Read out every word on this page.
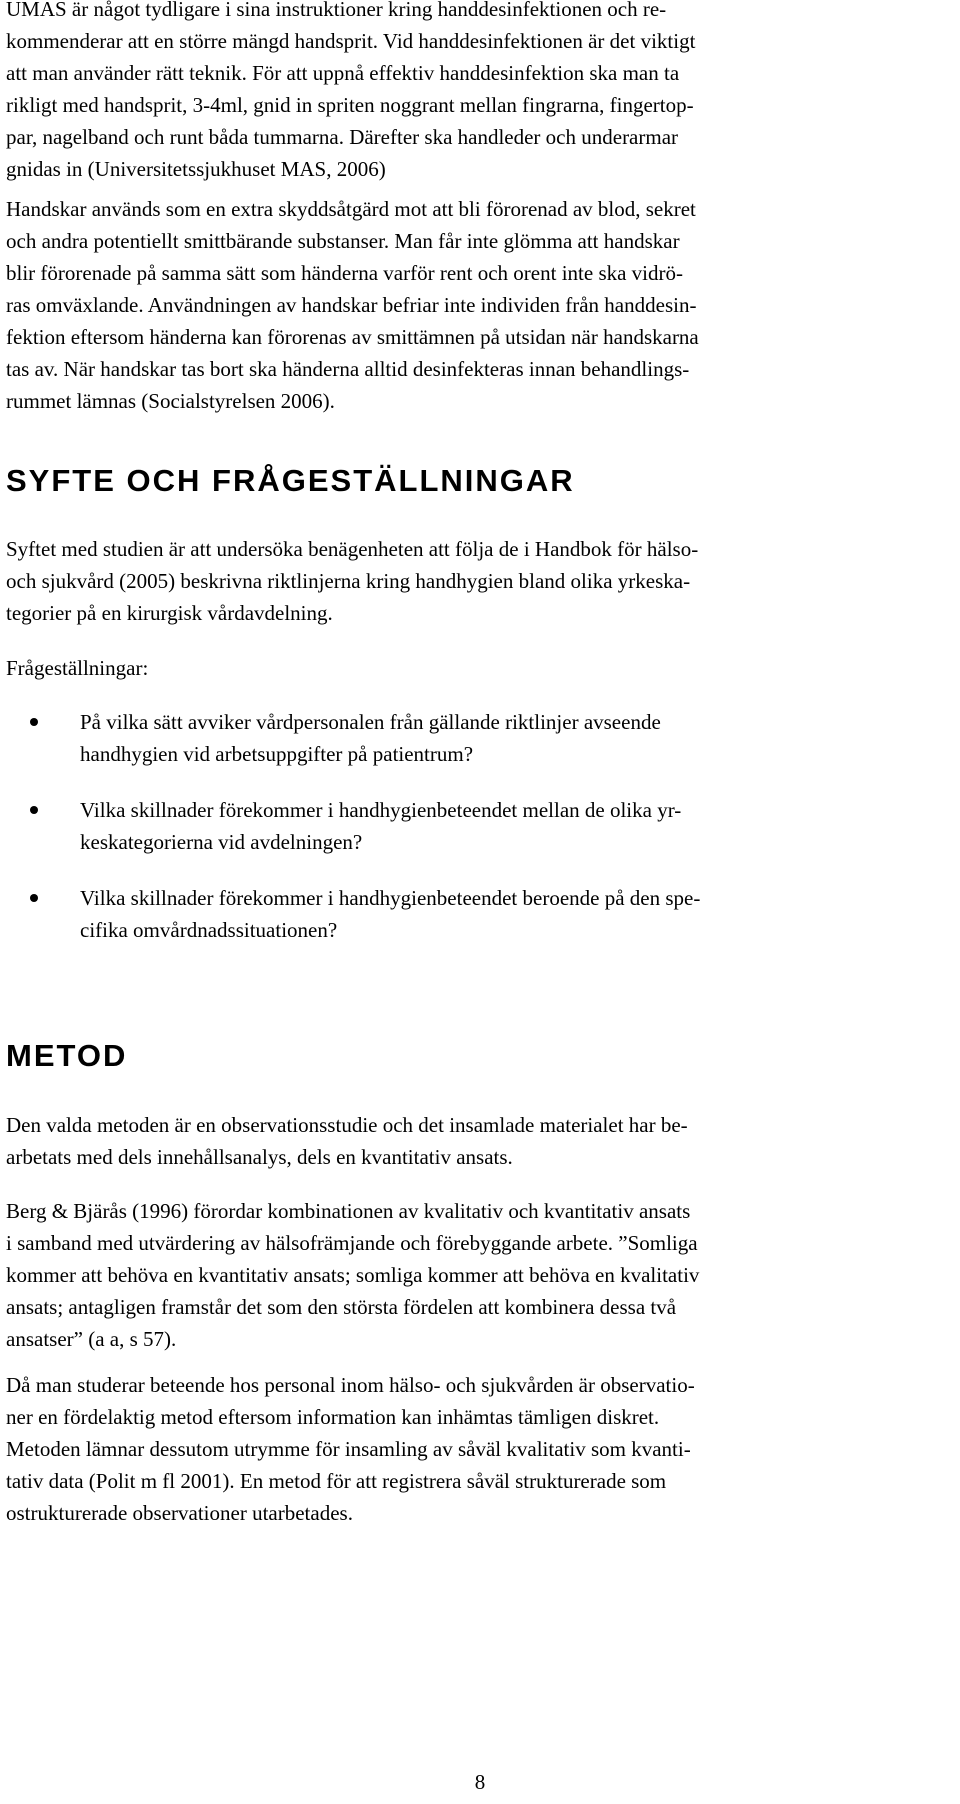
UMAS är något tydligare i sina instruktioner kring handdesinfektionen och re-
kommenderar att en större mängd handsprit. Vid handdesinfektionen är det viktigt
att man använder rätt teknik. För att uppnå effektiv handdesinfektion ska man ta
rikligt med handsprit, 3-4ml, gnid in spriten noggrant mellan fingrarna, fingertop-
par, nagelband och runt båda tummarna. Därefter ska handleder och underarmar
gnidas in (Universitetssjukhuset MAS, 2006)

Handskar används som en extra skyddsåtgärd mot att bli förorenad av blod, sekret
och andra potentiellt smittbärande substanser. Man får inte glömma att handskar
blir förorenade på samma sätt som händerna varför rent och orent inte ska vidrö-
ras omväxlande. Användningen av handskar befriar inte individen från handdesin-
fektion eftersom händerna kan förorenas av smittämnen på utsidan när handskarna
tas av. När handskar tas bort ska händerna alltid desinfekteras innan behandlings-
rummet lämnas (Socialstyrelsen 2006).

SYFTE OCH FRÅGESTÄLLNINGAR

Syftet med studien är att undersöka benägenheten att följa de i Handbok för hälso-
och sjukvård (2005) beskrivna riktlinjerna kring handhygien bland olika yrkeska-
tegorier på en kirurgisk vårdavdelning.

Frågeställningar:

På vilka sätt avviker vårdpersonalen från gällande riktlinjer avseende
handhygien vid arbetsuppgifter på patientrum?
Vilka skillnader förekommer i handhygienbeteendet mellan de olika yr-
keskategorierna vid avdelningen?
Vilka skillnader förekommer i handhygienbeteendet beroende på den spe-
cifika omvårdnadssituationen?
METOD

Den valda metoden är en observationsstudie och det insamlade materialet har be-
arbetats med dels innehållsanalys, dels en kvantitativ ansats.

Berg & Bjärås (1996) förordar kombinationen av kvalitativ och kvantitativ ansats
i samband med utvärdering av hälsofrämjande och förebyggande arbete. ”Somliga
kommer att behöva en kvantitativ ansats; somliga kommer att behöva en kvalitativ
ansats; antagligen framstår det som den största fördelen att kombinera dessa två
ansatser” (a a, s 57).

Då man studerar beteende hos personal inom hälso- och sjukvården är observatio-
ner en fördelaktig metod eftersom information kan inhämtas tämligen diskret.
Metoden lämnar dessutom utrymme för insamling av såväl kvalitativ som kvanti-
tativ data (Polit m fl 2001). En metod för att registrera såväl strukturerade som
ostrukturerade observationer utarbetades.

8
